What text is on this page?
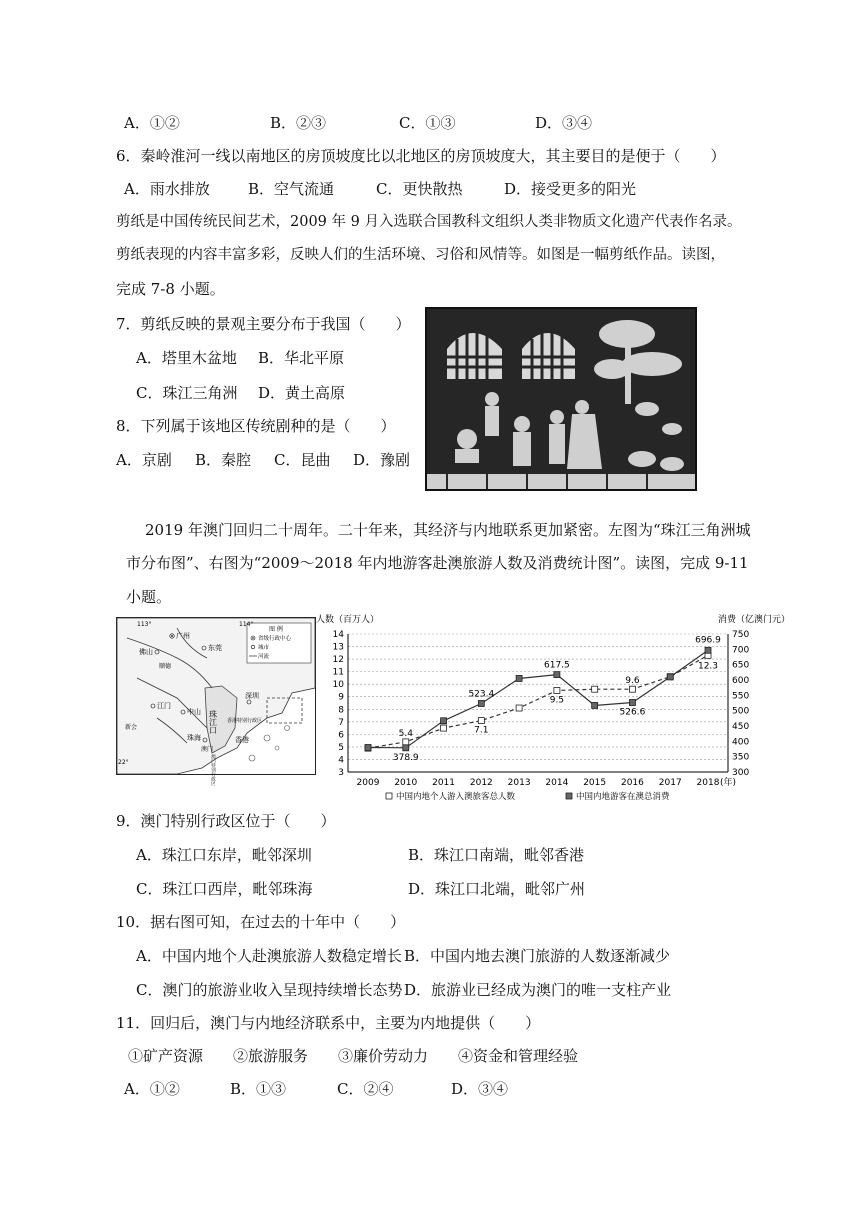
A．①②	B．②③	C．①③	D．③④
6．秦岭淮河一线以南地区的房顶坡度比以北地区的房顶坡度大，其主要目的是便于（　　）
A．雨水排放	B．空气流通	C．更快散热	D．接受更多的阳光
剪纸是中国传统民间艺术，2009 年 9 月入选联合国教科文组织人类非物质文化遗产代表作名录。
剪纸表现的内容丰富多彩，反映人们的生活环境、习俗和风情等。如图是一幅剪纸作品。读图，
完成 7-8 小题。
7．剪纸反映的景观主要分布于我国（　　）
A．塔里木盆地 B．华北平原
C．珠江三角洲 D．黄土高原
8．下列属于该地区传统剧种的是（　　）
A．京剧 B．秦腔 C．昆曲 D．豫剧
2019 年澳门回归二十周年。二十年来，其经济与内地联系更加紧密。左图为“珠江三角洲城
市分布图”、右图为“2009～2018 年内地游客赴澳旅游人数及消费统计图”。读图，完成 9-11
小题。
图 例
省级行政中心
城市
河流
113°	114°
22°
广州
佛山	东莞
顺德
江门
中山
新会
深圳
珠江口 香港特别行政区
珠海
澳门
澳门特别行政区
香港
人数（百万人）	消费（亿澳门元）
3
4
5
6
7
8
9
10
11
12
13
14
300
350
400
450
500
550
600
650
700
750
2009 2010 2011 2012 2013 2014 2015 2016 2017 2018 (年)
5.4	7.1
9.5
9.6
12.3
378.9
523.4
617.5
526.6
696.9
中国内地个人游入澳旅客总人数	中国内地游客在澳总消费
9．澳门特别行政区位于（　　）
A．珠江口东岸，毗邻深圳	B．珠江口南端，毗邻香港
C．珠江口西岸，毗邻珠海	D．珠江口北端，毗邻广州
10．据右图可知，在过去的十年中（　　）
A．中国内地个人赴澳旅游人数稳定增长 B．中国内地去澳门旅游的人数逐渐减少
C．澳门的旅游业收入呈现持续增长态势 D．旅游业已经成为澳门的唯一支柱产业
11．回归后，澳门与内地经济联系中，主要为内地提供（　　）
①矿产资源　　②旅游服务　　③廉价劳动力　　④资金和管理经验
A．①②	B．①③	C．②④	D．③④
